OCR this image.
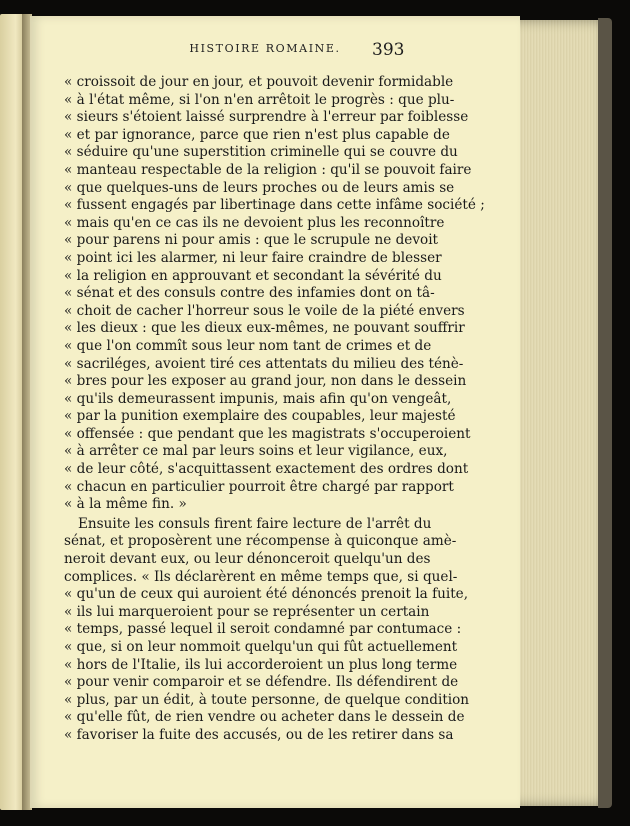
HISTOIRE ROMAINE.	393
« croissoit de jour en jour, et pouvoit devenir formidable
« à l'état même, si l'on n'en arrêtoit le progrès : que plu-
« sieurs s'étoient laissé surprendre à l'erreur par foiblesse
« et par ignorance, parce que rien n'est plus capable de
« séduire qu'une superstition criminelle qui se couvre du
« manteau respectable de la religion : qu'il se pouvoit faire
« que quelques-uns de leurs proches ou de leurs amis se
« fussent engagés par libertinage dans cette infâme société ;
« mais qu'en ce cas ils ne devoient plus les reconnoître
« pour parens ni pour amis : que le scrupule ne devoit
« point ici les alarmer, ni leur faire craindre de blesser
« la religion en approuvant et secondant la sévérité du
« sénat et des consuls contre des infamies dont on tâ-
« choit de cacher l'horreur sous le voile de la piété envers
« les dieux : que les dieux eux-mêmes, ne pouvant souffrir
« que l'on commît sous leur nom tant de crimes et de
« sacriléges, avoient tiré ces attentats du milieu des ténè-
« bres pour les exposer au grand jour, non dans le dessein
« qu'ils demeurassent impunis, mais afin qu'on vengeât,
« par la punition exemplaire des coupables, leur majesté
« offensée : que pendant que les magistrats s'occuperoient
« à arrêter ce mal par leurs soins et leur vigilance, eux,
« de leur côté, s'acquittassent exactement des ordres dont
« chacun en particulier pourroit être chargé par rapport
« à la même fin. »
Ensuite les consuls firent faire lecture de l'arrêt du
sénat, et proposèrent une récompense à quiconque amè-
neroit devant eux, ou leur dénonceroit quelqu'un des
complices. « Ils déclarèrent en même temps que, si quel-
« qu'un de ceux qui auroient été dénoncés prenoit la fuite,
« ils lui marqueroient pour se représenter un certain
« temps, passé lequel il seroit condamné par contumace :
« que, si on leur nommoit quelqu'un qui fût actuellement
« hors de l'Italie, ils lui accorderoient un plus long terme
« pour venir comparoir et se défendre. Ils défendirent de
« plus, par un édit, à toute personne, de quelque condition
« qu'elle fût, de rien vendre ou acheter dans le dessein de
« favoriser la fuite des accusés, ou de les retirer dans sa
